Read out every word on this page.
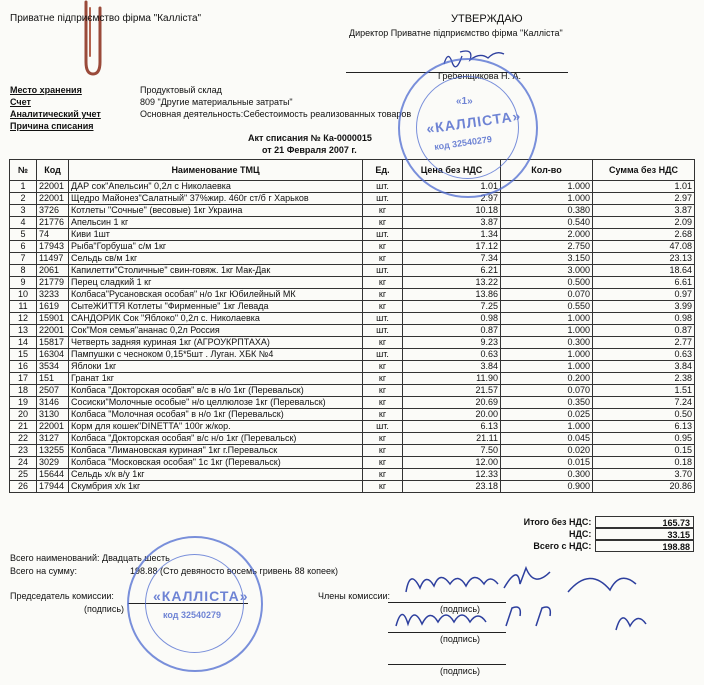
Приватне підприємство фірма "Калліста"	УТВЕРЖДАЮ
Директор Приватне підприємство фірма "Калліста"
Гребенщикова Н. А.
Место хранения	Продуктовый склад
Счет	809 "Другие материальные затраты"
Аналитический учет	Основная деятельность:Себестоимость реализованных товаров
Причина списания
Акт списания № Ка-0000015
от 21 Февраля 2007 г.
№	Код	Наименование ТМЦ	Ед.	Цена без НДС	Кол-во	Сумма без НДС
1	22001	ДАР сок"Апельсин" 0,2л с Николаевка	шт.	1.01	1.000	1.01
2	22001	Щедро Майонез"Салатный" 37%жир. 460г ст/б г Харьков	шт.	2.97	1.000	2.97
3	3726	Котлеты "Сочные" (весовые) 1кг Украина	кг	10.18	0.380	3.87
4	21776	Апельсин 1 кг	кг	3.87	0.540	2.09
5	74	Киви 1шт	шт.	1.34	2.000	2.68
6	17943	Рыба"Горбуша" с/м 1кг	кг	17.12	2.750	47.08
7	11497	Сельдь св/м 1кг	кг	7.34	3.150	23.13
8	2061	Капилетти"Столичные" свин-говяж. 1кг Мак-Дак	шт.	6.21	3.000	18.64
9	21779	Перец сладкий 1 кг	кг	13.22	0.500	6.61
10	3233	Колбаса"Русановская особая" н/о 1кг Юбилейный МК	кг	13.86	0.070	0.97
11	1619	СытеЖИТТЯ Котлеты "Фирменные" 1кг Левада	кг	7.25	0.550	3.99
12	15901	САНДОРИК Сок "Яблоко" 0,2л с. Николаевка	шт.	0.98	1.000	0.98
13	22001	Сок"Моя семья"ананас 0,2л Россия	шт.	0.87	1.000	0.87
14	15817	Четверть задняя куриная 1кг (АГРОУКРПТАХА)	кг	9.23	0.300	2.77
15	16304	Пампушки с чесноком 0,15*5шт . Луган. ХБК №4	шт.	0.63	1.000	0.63
16	3534	Яблоки 1кг	кг	3.84	1.000	3.84
17	151	Гранат 1кг	кг	11.90	0.200	2.38
18	2507	Колбаса "Докторская особая" в/с в н/о 1кг (Перевальск)	кг	21.57	0.070	1.51
19	3146	Сосиски"Молочные особые" н/о целлюлозе 1кг (Перевальск)	кг	20.69	0.350	7.24
20	3130	Колбаса "Молочная особая" в н/о 1кг (Перевальск)	кг	20.00	0.025	0.50
21	22001	Корм для кошек"DINETTA" 100г ж/кор.	шт.	6.13	1.000	6.13
22	3127	Колбаса "Докторская особая" в/с н/о 1кг (Перевальск)	кг	21.11	0.045	0.95
23	13255	Колбаса "Лимановская куриная" 1кг г.Перевальск	кг	7.50	0.020	0.15
24	3029	Колбаса "Московская особая" 1с 1кг (Перевальск)	кг	12.00	0.015	0.18
25	15644	Сельдь х/к в/у 1кг	кг	12.33	0.300	3.70
26	17944	Скумбрия х/к 1кг	кг	23.18	0.900	20.86
Итого без НДС:	165.73
НДС:	33.15
Всего с НДС:	198.88
Всего наименований: Двадцать шесть
Всего на сумму:	198.88 (Сто девяносто восемь гривень 88 копеек)
Председатель комиссии:
(подпись)
Члены комиссии:
(подпись)
(подпись)
(подпись)
«1»
«КАЛЛІСТА»
код 32540279
«КАЛЛІСТА»
код 32540279
